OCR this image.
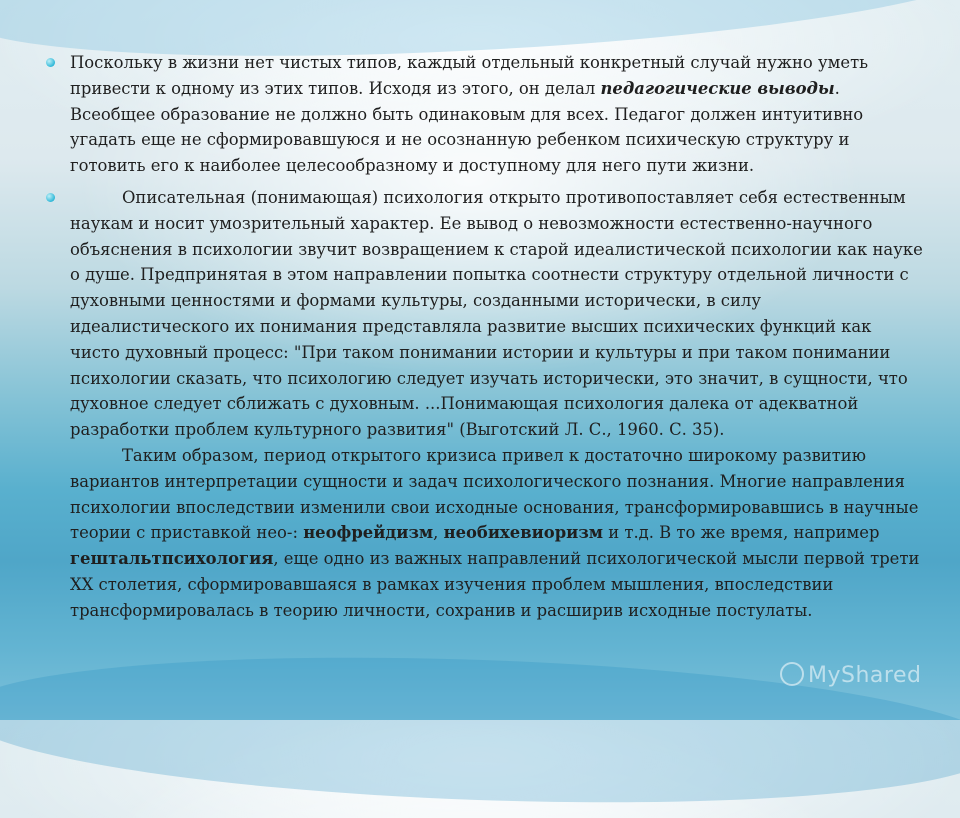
Поскольку в жизни нет чистых типов, каждый отдельный конкретный случай нужно уметь привести к одному из этих типов. Исходя из этого, он делал педагогические выводы. Всеобщее образование не должно быть одинаковым для всех. Педагог должен интуитивно угадать еще не сформировавшуюся и не осознанную ребенком психическую структуру и готовить его к наиболее целесообразному и доступному для него пути жизни.
Описательная (понимающая) психология открыто противопоставляет себя естественным наукам и носит умозрительный характер. Ее вывод о невозможности естественно-научного объяснения в психологии звучит возвращением к старой идеалистической психологии как науке о душе. Предпринятая в этом направлении попытка соотнести структуру отдельной личности с духовными ценностями и формами культуры, созданными исторически, в силу идеалистического их понимания представляла развитие высших психических функций как чисто духовный процесс: "При таком понимании истории и культуры и при таком понимании психологии сказать, что психологию следует изучать исторически, это значит, в сущности, что духовное следует сближать с духовным. ...Понимающая психология далека от адекватной разработки проблем культурного развития" (Выготский Л. С., 1960. С. 35).
Таким образом, период открытого кризиса привел к достаточно широкому развитию вариантов интерпретации сущности и задач психологического познания. Многие направления психологии впоследствии изменили свои исходные основания, трансформировавшись в научные теории с приставкой нео-: неофрейдизм, необихевиоризм и т.д. В то же время, например гештальтпсихология, еще одно из важных направлений психологической мысли первой трети XX столетия, сформировавшаяся в рамках изучения проблем мышления, впоследствии трансформировалась в теорию личности, сохранив и расширив исходные постулаты.
MyShared
